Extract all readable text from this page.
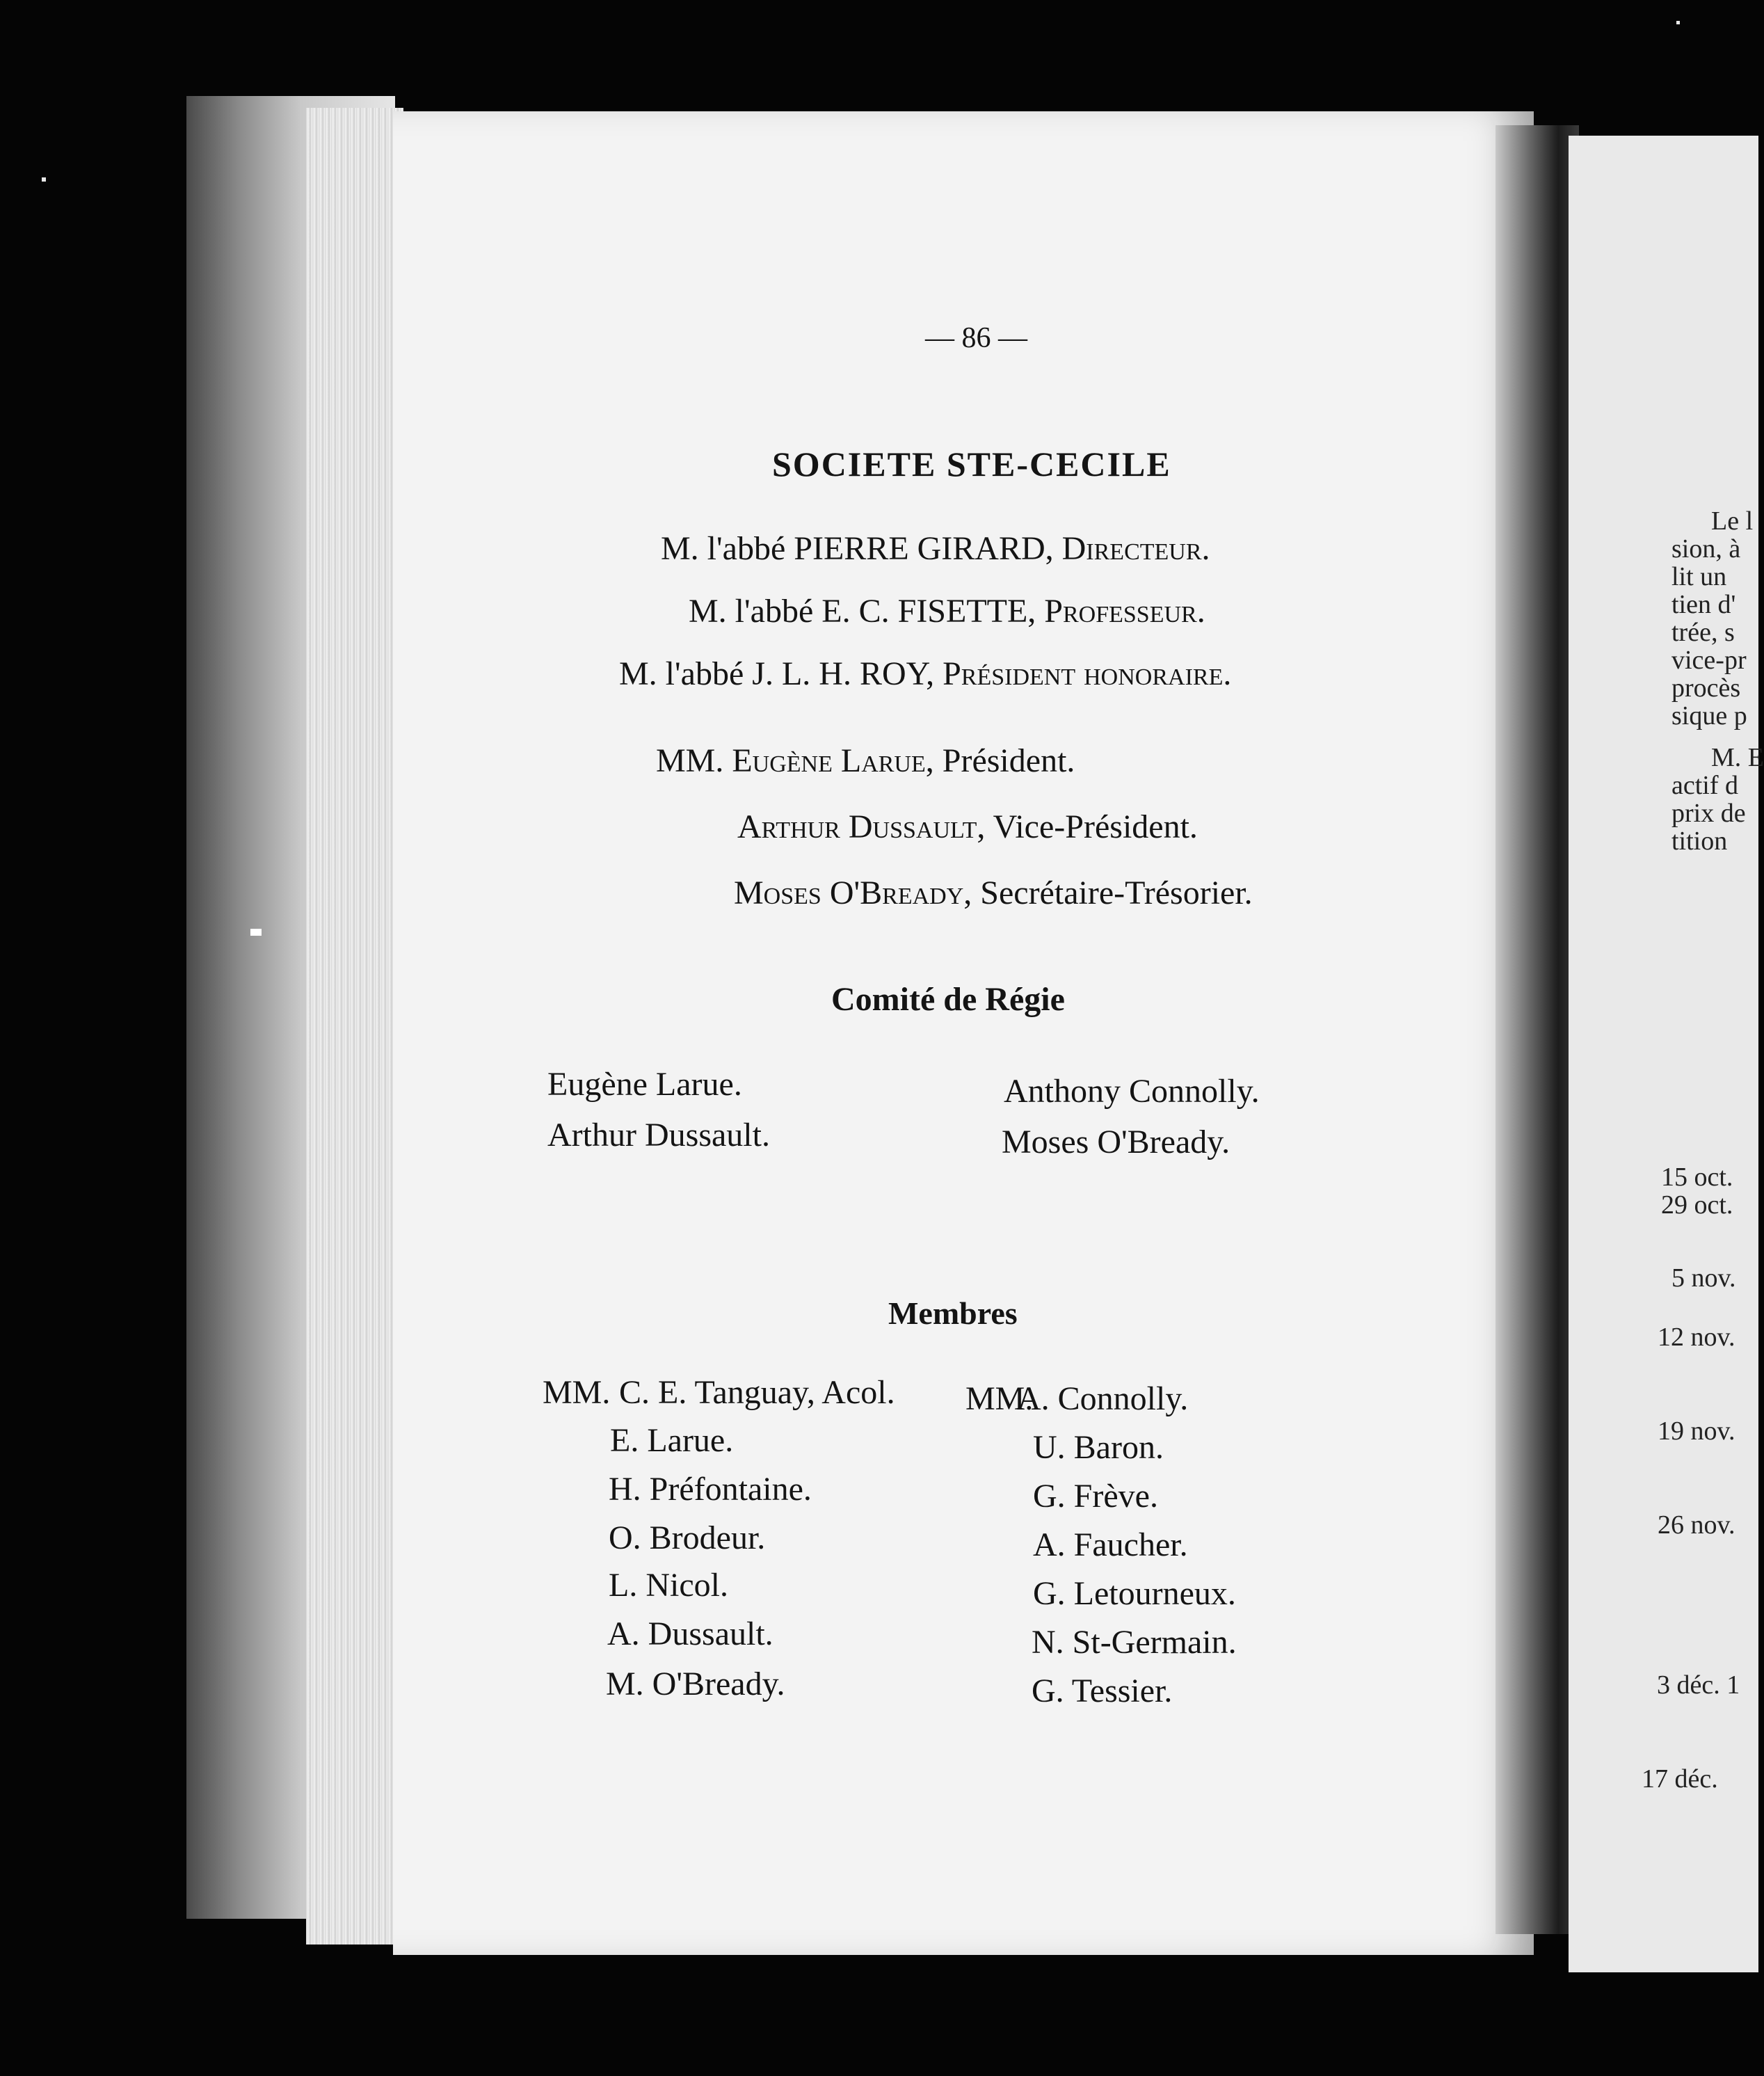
— 86 —

SOCIETE STE-CECILE

M. l'abbé PIERRE GIRARD, Directeur.

M. l'abbé E. C. FISETTE, Professeur.

M. l'abbé J. L. H. ROY, Président honoraire.

MM. Eugène Larue, Président.

Arthur Dussault, Vice-Président.

Moses O'Bready, Secrétaire-Trésorier.

Comité de Régie

Eugène Larue.

Arthur Dussault.

Anthony Connolly.

Moses O'Bready.

Membres

MM. C. E. Tanguay, Acol.

E. Larue.

H. Préfontaine.

O. Brodeur.

L. Nicol.

A. Dussault.

M. O'Bready.

MM.

A. Connolly.

U. Baron.

G. Frève.

A. Faucher.

G. Letourneux.

N. St-Germain.

G. Tessier.

Le l

sion, à

lit un

tien d'

trée, s

vice-pr

procès

sique p

M. E

actif d

prix de

tition

15 oct.

29 oct.

5 nov.

12 nov.

19 nov.

26 nov.

3 déc. 1

17 déc.
